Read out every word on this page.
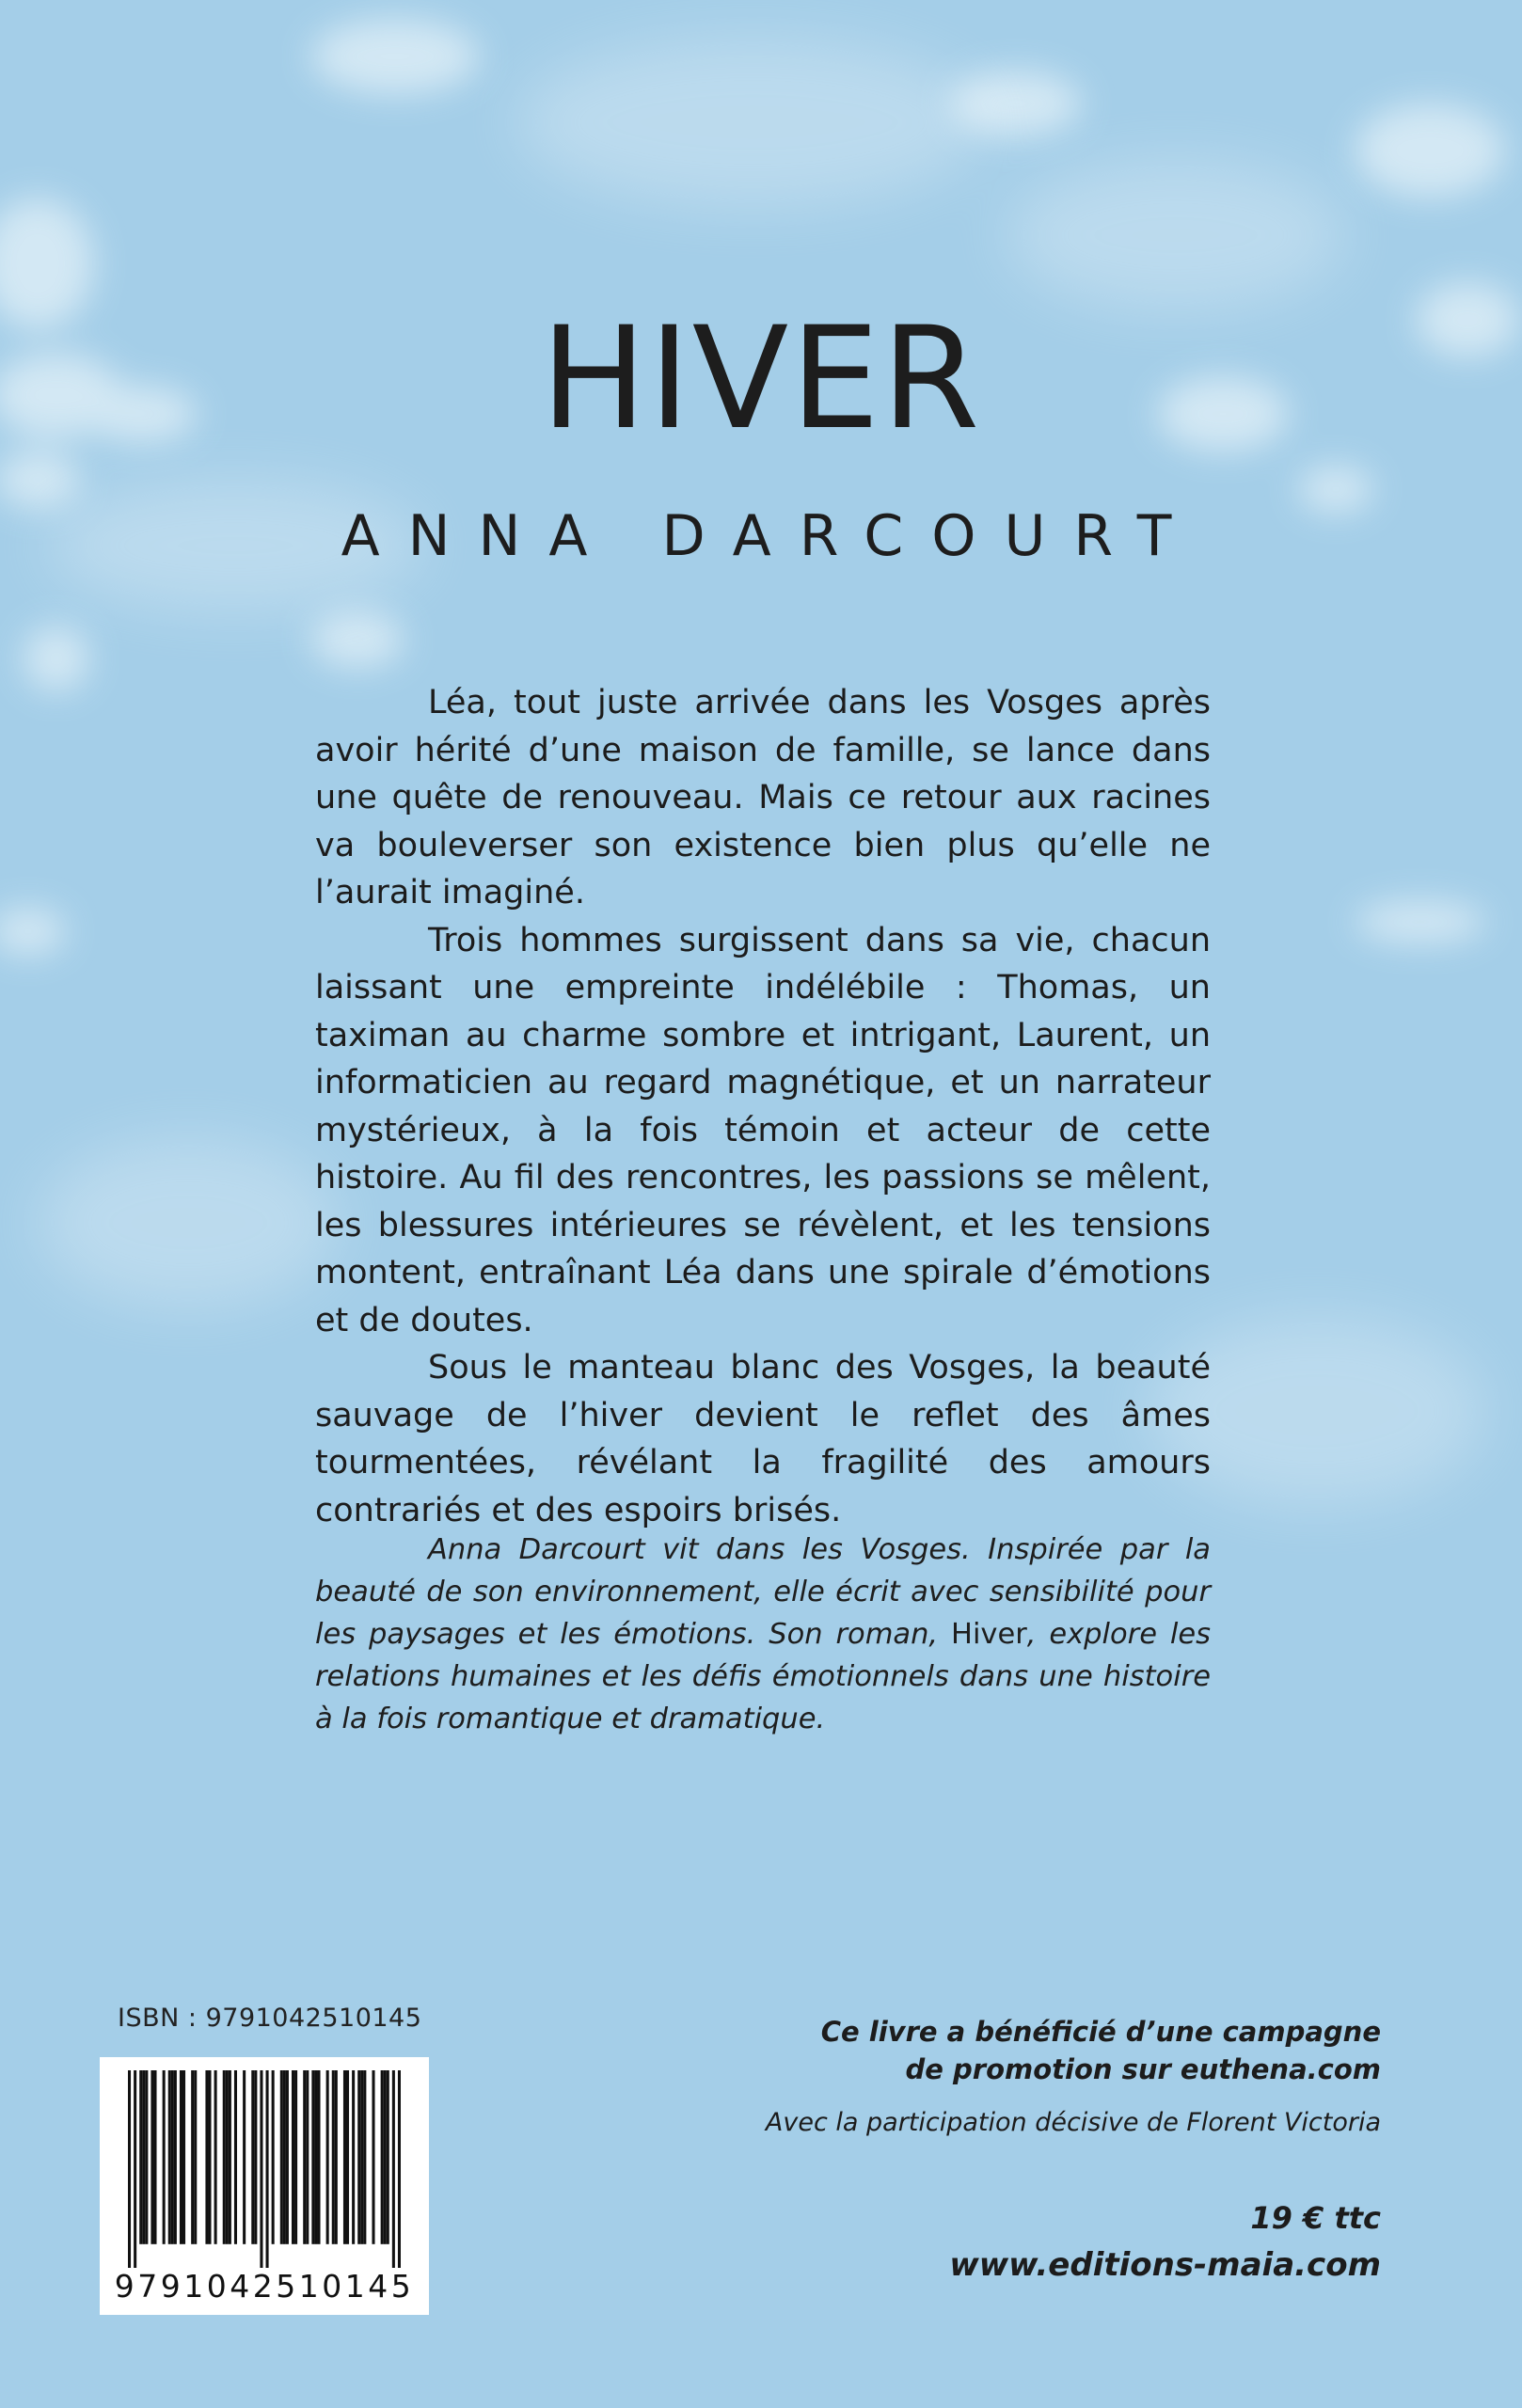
HIVER
ANNA DARCOURT

Léa, tout juste arrivée dans les Vosges après avoir hérité d’une maison de famille, se lance dans une quête de renouveau. Mais ce retour aux racines va bouleverser son existence bien plus qu’elle ne l’aurait imaginé.

Trois hommes surgissent dans sa vie, chacun laissant une empreinte indélébile : Thomas, un taximan au charme sombre et intrigant, Laurent, un informaticien au regard magnétique, et un narrateur mystérieux, à la fois témoin et acteur de cette histoire. Au fil des rencontres, les passions se mêlent, les blessures intérieures se révèlent, et les tensions montent, entraînant Léa dans une spirale d’émotions et de doutes.

Sous le manteau blanc des Vosges, la beauté sauvage de l’hiver devient le reflet des âmes tourmentées, révélant la fragilité des amours contrariés et des espoirs brisés.

Anna Darcourt vit dans les Vosges. Inspirée par la beauté de son environnement, elle écrit avec sensibilité pour les paysages et les émotions. Son roman, Hiver, explore les relations humaines et les défis émotionnels dans une histoire à la fois romantique et dramatique.

ISBN : 9791042510145
9791042510145

Ce livre a bénéficié d’une campagne
de promotion sur euthena.com

Avec la participation décisive de Florent Victoria

19 € ttc

www.editions-maia.com
